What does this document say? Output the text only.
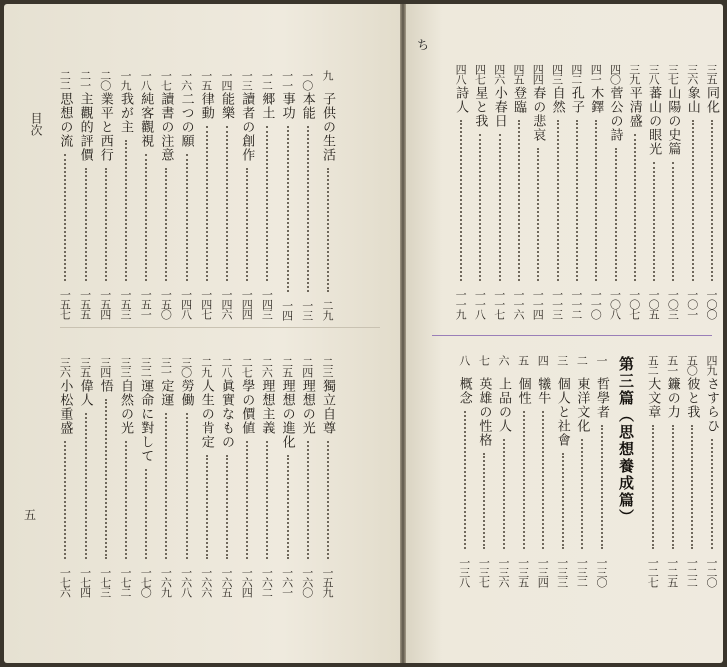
目次
五
ち
第三篇（思想養成篇）
九
子供の生活
二九
一〇
本能
一三
一一
事功
一四
一二
郷土
一四三
一三
讀者の創作
一四四
一四
能樂
一四六
一五
律動
一四七
一六
二つの願
一四八
一七
讀書の注意
一五〇
一八
純客觀視
一五一
一九
我が主
一五三
二〇
業平と西行
一五四
二一
主觀的評價
一五五
二二
思想の流
一五七
二三
獨立自尊
一五九
二四
理想の光
一六〇
二五
理想の進化
一六一
二六
理想主義
一六二
二七
學の價値
一六四
二八
眞實なもの
一六五
二九
人生の肯定
一六六
三〇
勞働
一六八
三一
定運
一六九
三二
運命に對して
一七〇
三三
自然の光
一七二
三四
悟
一七三
三五
偉人
一七四
三六
小松重盛
一七六
三五
同化
一〇〇
三六
象山
一〇一
三七
山陽の史篇
一〇三
三八
蕃山の眼光
一〇五
三九
平清盛
一〇七
四〇
菅公の詩
一〇八
四一
木鐸
一一〇
四二
孔子
一一二
四三
自然
一一三
四四
春の悲哀
一一四
四五
登臨
一一六
四六
小春日
一一七
四七
星と我
一一八
四八
詩人
一一九
四九
さすらひ
一二〇
五〇
彼と我
一二二
五一
鐮の力
一二五
五二
大文章
一二七
一
哲學者
一三〇
二
東洋文化
一三二
三
個人と社會
一三三
四
犧牛
一三四
五
個性
一三五
六
上品の人
一三六
七
英雄の性格
一三七
八
概念
一三八
